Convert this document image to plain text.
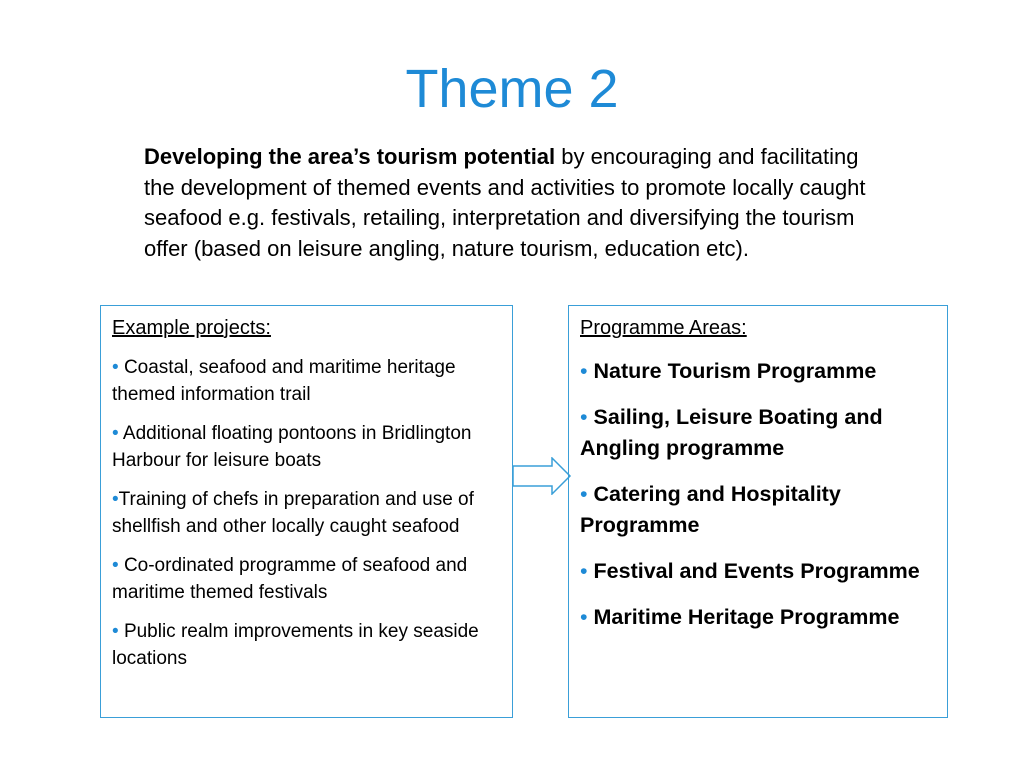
Theme 2
Developing the area’s tourism potential by encouraging and facilitating the development of themed events and activities to promote locally caught seafood e.g. festivals, retailing, interpretation and diversifying the tourism offer (based on leisure angling, nature tourism, education etc).
Example projects:
• Coastal, seafood and maritime heritage themed information trail
• Additional floating pontoons in Bridlington Harbour for leisure boats
•Training of chefs in preparation and use of shellfish and other locally caught seafood
• Co-ordinated programme of seafood and maritime themed festivals
• Public realm improvements in key seaside locations
Programme Areas:
• Nature Tourism Programme
• Sailing, Leisure Boating and Angling programme
• Catering and Hospitality Programme
• Festival and Events Programme
• Maritime Heritage Programme
